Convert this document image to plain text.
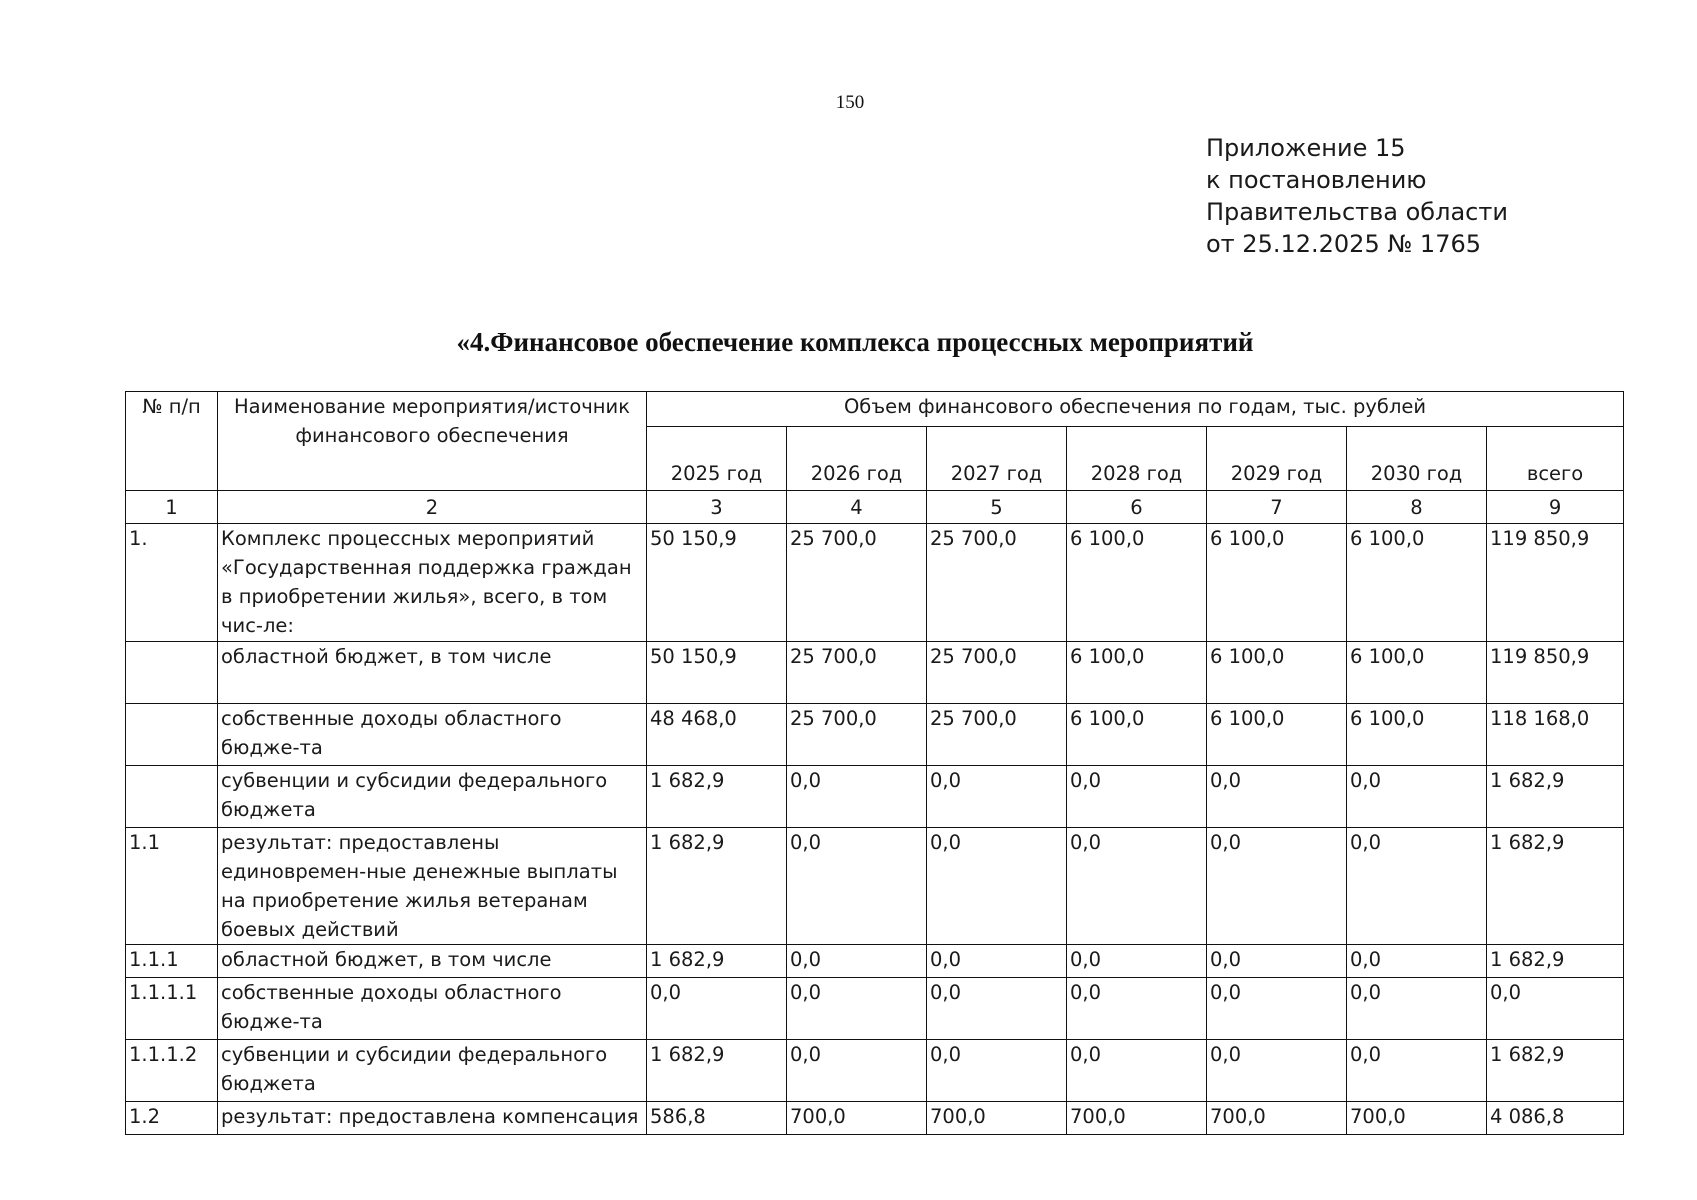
150
Приложение 15
к постановлению
Правительства области
от 25.12.2025 № 1765
«4.Финансовое обеспечение комплекса процессных мероприятий
№ п/п	Наименование мероприятия/источник финансового обеспечения	Объем финансового обеспечения по годам, тыс. рублей						
		2025 год	2026 год	2027 год	2028 год	2029 год	2030 год	всего
1	2	3	4	5	6	7	8	9
1.	Комплекс процессных мероприятий «Государственная поддержка граждан в приобретении жилья», всего, в том чис-ле:	50 150,9	25 700,0	25 700,0	6 100,0	6 100,0	6 100,0	119 850,9
	областной бюджет, в том числе	50 150,9	25 700,0	25 700,0	6 100,0	6 100,0	6 100,0	119 850,9
	собственные доходы областного бюдже-та	48 468,0	25 700,0	25 700,0	6 100,0	6 100,0	6 100,0	118 168,0
	субвенции и субсидии федерального бюджета	1 682,9	0,0	0,0	0,0	0,0	0,0	1 682,9
1.1	результат: предоставлены единовремен-ные денежные выплаты на приобретение жилья ветеранам боевых действий	1 682,9	0,0	0,0	0,0	0,0	0,0	1 682,9
1.1.1	областной бюджет, в том числе	1 682,9	0,0	0,0	0,0	0,0	0,0	1 682,9
1.1.1.1	собственные доходы областного бюдже-та	0,0	0,0	0,0	0,0	0,0	0,0	0,0
1.1.1.2	субвенции и субсидии федерального бюджета	1 682,9	0,0	0,0	0,0	0,0	0,0	1 682,9
1.2	результат: предоставлена компенсация	586,8	700,0	700,0	700,0	700,0	700,0	4 086,8
